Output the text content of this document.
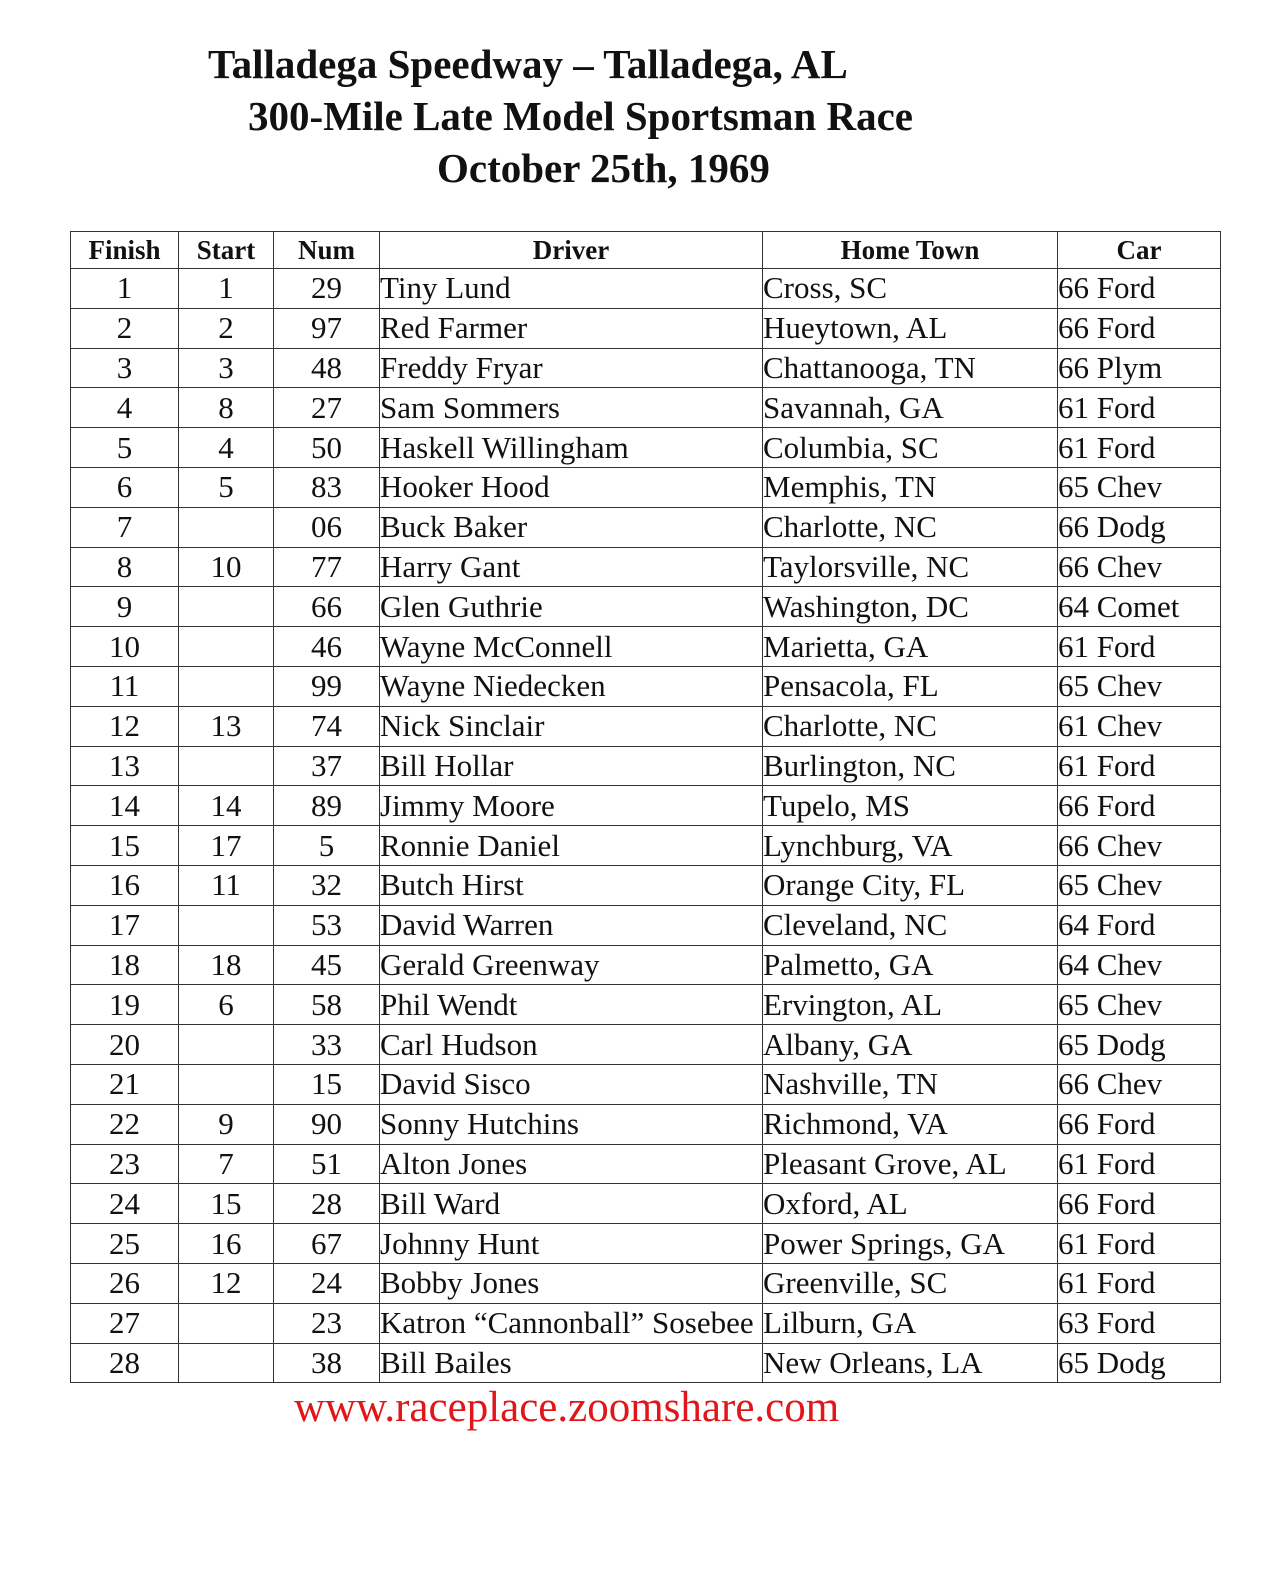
Talladega Speedway – Talladega, AL
300-Mile Late Model Sportsman Race
October 25th, 1969
Finish	Start	Num	Driver	Home Town	Car
1	1	29	Tiny Lund	Cross, SC	66 Ford
2	2	97	Red Farmer	Hueytown, AL	66 Ford
3	3	48	Freddy Fryar	Chattanooga, TN	66 Plym
4	8	27	Sam Sommers	Savannah, GA	61 Ford
5	4	50	Haskell Willingham	Columbia, SC	61 Ford
6	5	83	Hooker Hood	Memphis, TN	65 Chev
7		06	Buck Baker	Charlotte, NC	66 Dodg
8	10	77	Harry Gant	Taylorsville, NC	66 Chev
9		66	Glen Guthrie	Washington, DC	64 Comet
10		46	Wayne McConnell	Marietta, GA	61 Ford
11		99	Wayne Niedecken	Pensacola, FL	65 Chev
12	13	74	Nick Sinclair	Charlotte, NC	61 Chev
13		37	Bill Hollar	Burlington, NC	61 Ford
14	14	89	Jimmy Moore	Tupelo, MS	66 Ford
15	17	5	Ronnie Daniel	Lynchburg, VA	66 Chev
16	11	32	Butch Hirst	Orange City, FL	65 Chev
17		53	David Warren	Cleveland, NC	64 Ford
18	18	45	Gerald Greenway	Palmetto, GA	64 Chev
19	6	58	Phil Wendt	Ervington, AL	65 Chev
20		33	Carl Hudson	Albany, GA	65 Dodg
21		15	David Sisco	Nashville, TN	66 Chev
22	9	90	Sonny Hutchins	Richmond, VA	66 Ford
23	7	51	Alton Jones	Pleasant Grove, AL	61 Ford
24	15	28	Bill Ward	Oxford, AL	66 Ford
25	16	67	Johnny Hunt	Power Springs, GA	61 Ford
26	12	24	Bobby Jones	Greenville, SC	61 Ford
27		23	Katron “Cannonball” Sosebee	Lilburn, GA	63 Ford
28		38	Bill Bailes	New Orleans, LA	65 Dodg
www.raceplace.zoomshare.com
